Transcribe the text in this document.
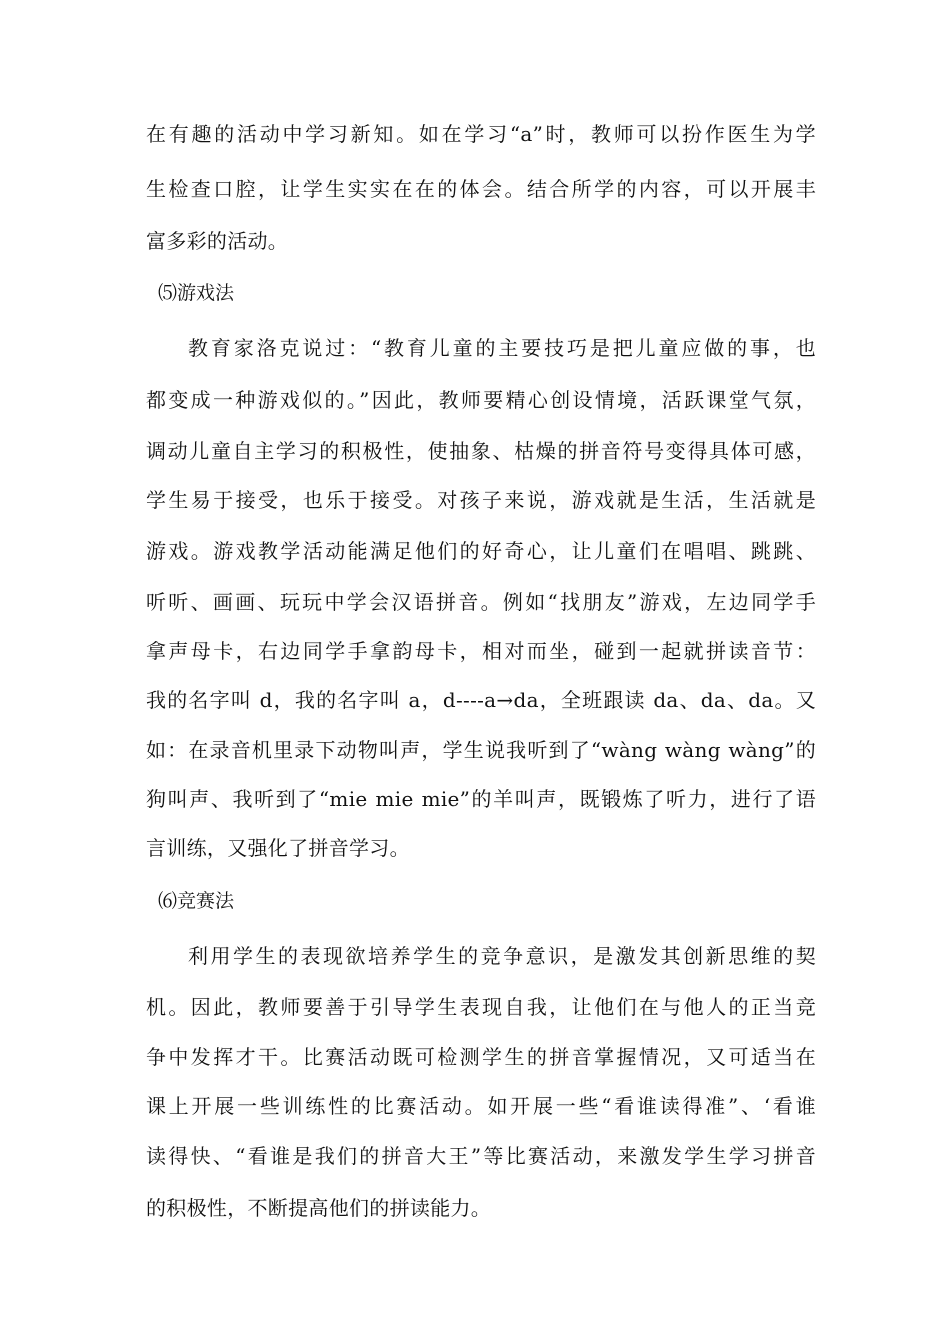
在有趣的活动中学习新知。如在学习“a”时，教师可以扮作医生为学
生检查口腔，让学生实实在在的体会。结合所学的内容，可以开展丰
富多彩的活动。
⑸游戏法
教育家洛克说过：“教育儿童的主要技巧是把儿童应做的事，也
都变成一种游戏似的。”因此，教师要精心创设情境，活跃课堂气氛，
调动儿童自主学习的积极性，使抽象、枯燥的拼音符号变得具体可感，
学生易于接受，也乐于接受。对孩子来说，游戏就是生活，生活就是
游戏。游戏教学活动能满足他们的好奇心，让儿童们在唱唱、跳跳、
听听、画画、玩玩中学会汉语拼音。例如“找朋友”游戏，左边同学手
拿声母卡，右边同学手拿韵母卡，相对而坐，碰到一起就拼读音节：
我的名字叫 d，我的名字叫 a，d----a→da，全班跟读 da、da、da。又
如：在录音机里录下动物叫声，学生说我听到了“wàng wàng wàng”的
狗叫声、我听到了“mie mie mie”的羊叫声，既锻炼了听力，进行了语
言训练，又强化了拼音学习。
⑹竞赛法
利用学生的表现欲培养学生的竞争意识，是激发其创新思维的契
机。因此，教师要善于引导学生表现自我，让他们在与他人的正当竞
争中发挥才干。比赛活动既可检测学生的拼音掌握情况，又可适当在
课上开展一些训练性的比赛活动。如开展一些“看谁读得准”、‘看谁
读得快、“看谁是我们的拼音大王”等比赛活动，来激发学生学习拼音
的积极性，不断提高他们的拼读能力。
